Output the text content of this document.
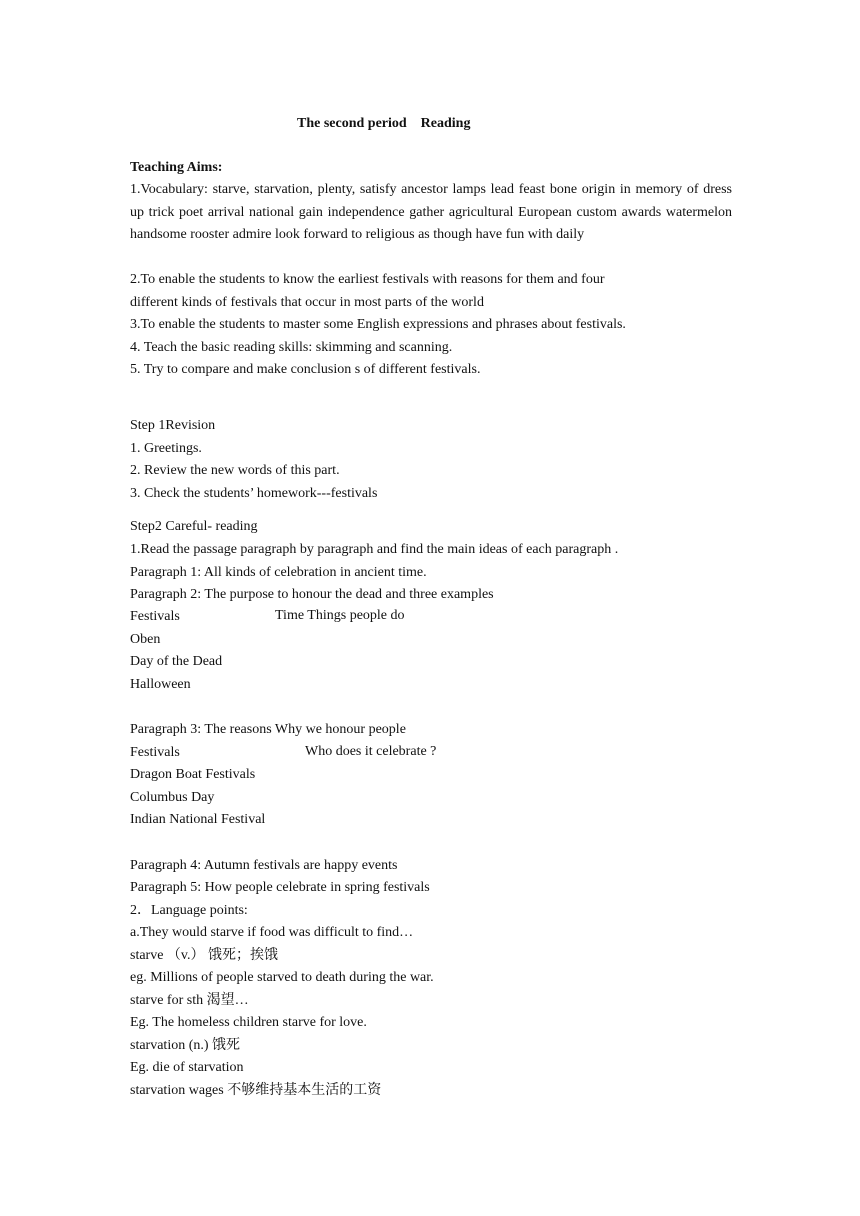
The second period    Reading
Teaching Aims:
1.Vocabulary: starve, starvation, plenty, satisfy ancestor lamps lead feast bone origin in memory of dress up trick poet arrival national gain independence gather agricultural European custom awards watermelon handsome rooster admire look forward to religious as though have fun with daily
2.To enable the students to know the earliest festivals with reasons for them and four
different kinds of festivals that occur in most parts of the world
3.To enable the students to master some English expressions and phrases about festivals.
4. Teach the basic reading skills: skimming and scanning.
5. Try to compare and make conclusion s of different festivals.
Step 1Revision
1. Greetings.
2. Review the new words of this part.
3. Check the students’ homework---festivals
Step2 Careful- reading
1.Read the passage paragraph by paragraph and find the main ideas of each paragraph .
Paragraph 1: All kinds of celebration in ancient time.
Paragraph 2: The purpose to honour the dead and three examples
Festivals	Time Things people do
Oben
Day of the Dead
Halloween
Paragraph 3: The reasons Why we honour people
Festivals	Who does it celebrate ?
Dragon Boat Festivals
Columbus Day
Indian National Festival
Paragraph 4: Autumn festivals are happy events
Paragraph 5: How people celebrate in spring festivals
2．Language points:
a.They would starve if food was difficult to find…
starve （v.） 饿死；挨饿
eg. Millions of people starved to death during the war.
starve for sth 渴望…
Eg. The homeless children starve for love.
starvation (n.) 饿死
Eg. die of starvation
starvation wages 不够维持基本生活的工资
